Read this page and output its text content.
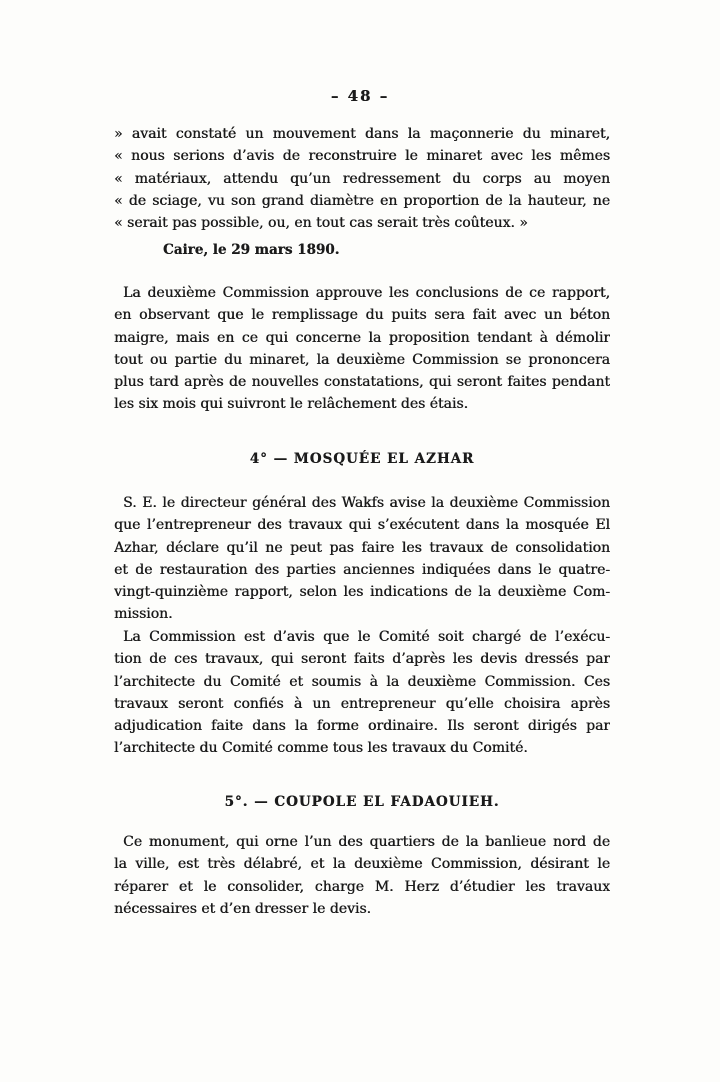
– 48 –
» avait constaté un mouvement dans la maçonnerie du minaret,
« nous serions d’avis de reconstruire le minaret avec les mêmes
« matériaux, attendu qu’un redressement du corps au moyen
« de sciage, vu son grand diamètre en proportion de la hauteur, ne
« serait pas possible, ou, en tout cas serait très coûteux. »
Caire, le 29 mars 1890.
La deuxième Commission approuve les conclusions de ce rapport,
en observant que le remplissage du puits sera fait avec un béton
maigre, mais en ce qui concerne la proposition tendant à démolir
tout ou partie du minaret, la deuxième Commission se prononcera
plus tard après de nouvelles constatations, qui seront faites pendant
les six mois qui suivront le relâchement des étais.
4° — MOSQUÉE EL AZHAR
S. E. le directeur général des Wakfs avise la deuxième Commission
que l’entrepreneur des travaux qui s’exécutent dans la mosquée El
Azhar, déclare qu’il ne peut pas faire les travaux de consolidation
et de restauration des parties anciennes indiquées dans le quatre-
vingt-quinzième rapport, selon les indications de la deuxième Com-
mission.
La Commission est d’avis que le Comité soit chargé de l’exécu-
tion de ces travaux, qui seront faits d’après les devis dressés par
l’architecte du Comité et soumis à la deuxième Commission. Ces
travaux seront confiés à un entrepreneur qu’elle choisira après
adjudication faite dans la forme ordinaire. Ils seront dirigés par
l’architecte du Comité comme tous les travaux du Comité.
5°. — COUPOLE EL FADAOUIEH.
Ce monument, qui orne l’un des quartiers de la banlieue nord de
la ville, est très délabré, et la deuxième Commission, désirant le
réparer et le consolider, charge M. Herz d’étudier les travaux
nécessaires et d’en dresser le devis.
